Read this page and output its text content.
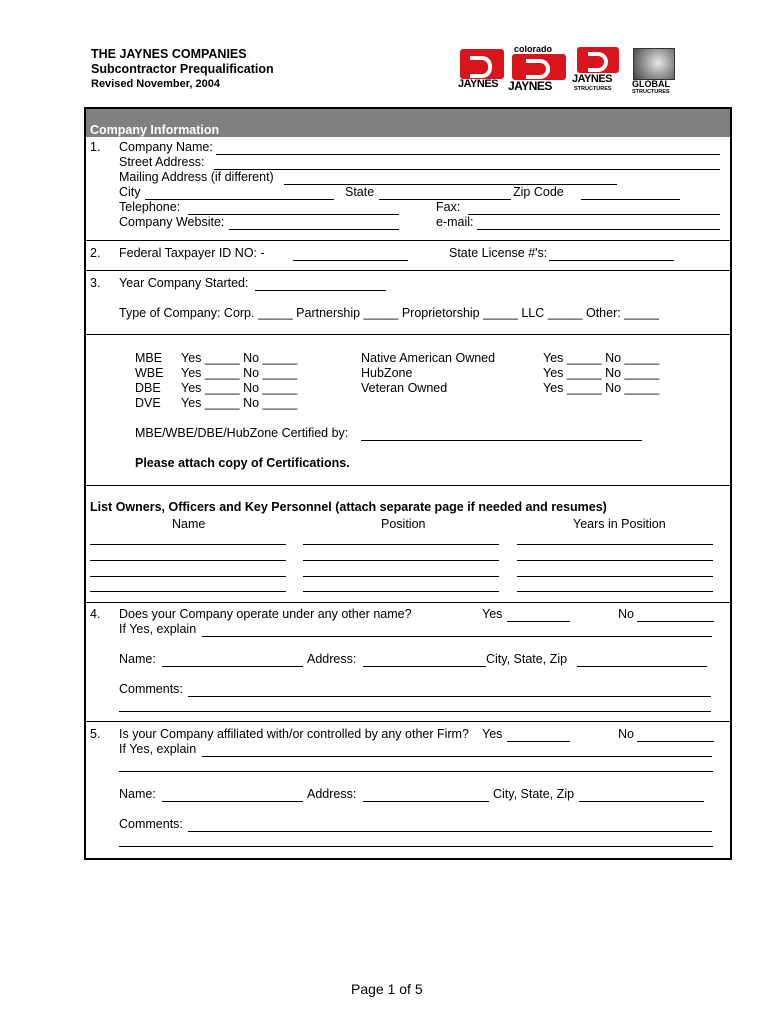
THE JAYNES COMPANIES
Subcontractor Prequalification
Revised November, 2004	JAYNES
colorado
JAYNES JAYNES
STRUCTURES GLOBAL
STRUCTURES
Company Information
1. Company Name:
Street Address:
Mailing Address (if different)
City	State	Zip Code
Telephone:	Fax:
Company Website:	e-mail:
2. Federal Taxpayer ID NO: -	State License #'s:
3. Year Company Started:
Type of Company: Corp. _____ Partnership _____ Proprietorship _____ LLC _____ Other: _____
MBE Yes _____ No _____
WBE Yes _____ No _____
DBE Yes _____ No _____
DVE Yes _____ No _____
Native American Owned	Yes _____ No _____
HubZone	Yes _____ No _____
Veteran Owned	Yes _____ No _____
MBE/WBE/DBE/HubZone Certified by:
Please attach copy of Certifications.
List Owners, Officers and Key Personnel (attach separate page if needed and resumes)
Name	Position	Years in Position
4. Does your Company operate under any other name?	Yes	No
If Yes, explain
Name:	Address:	City, State, Zip
Comments:
5. Is your Company affiliated with/or controlled by any other Firm? Yes	No
If Yes, explain
Name:	Address:	City, State, Zip
Comments:
Page 1 of 5
